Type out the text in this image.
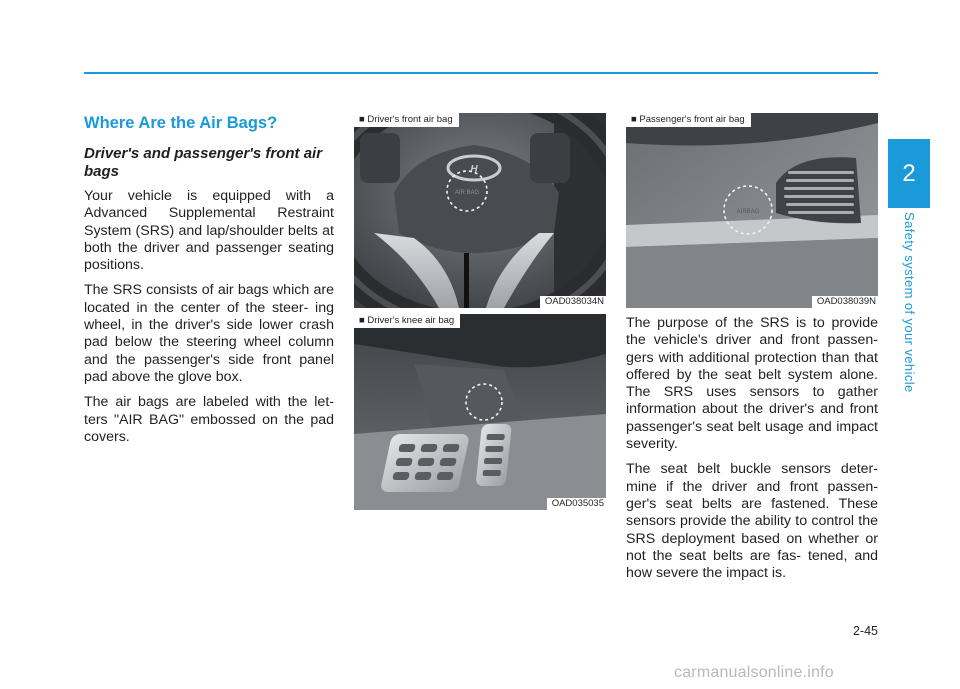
2
Safety system of your vehicle
Where Are the Air Bags?
Driver's and passenger's front air bags

Your vehicle is equipped with a Advanced Supplemental Restraint System (SRS) and lap/shoulder belts at both the driver and passenger seating positions.

The SRS consists of air bags which are located in the center of the steer- ing wheel, in the driver's side lower crash pad below the steering wheel column and the passenger's side front panel pad above the glove box.

The air bags are labeled with the let- ters "AIR BAG" embossed on the pad covers.

H
AIR BAG
■ Driver's front air bag
OAD038034N
■ Driver's knee air bag
OAD035035
AIRBAG
■ Passenger's front air bag
OAD038039N

The purpose of the SRS is to provide the vehicle's driver and front passen- gers with additional protection than that offered by the seat belt system alone. The SRS uses sensors to gather information about the driver's and front passenger's seat belt usage and impact severity.

The seat belt buckle sensors deter- mine if the driver and front passen- ger's seat belts are fastened. These sensors provide the ability to control the SRS deployment based on whether or not the seat belts are fas- tened, and how severe the impact is.

2-45
carmanualsonline.info
